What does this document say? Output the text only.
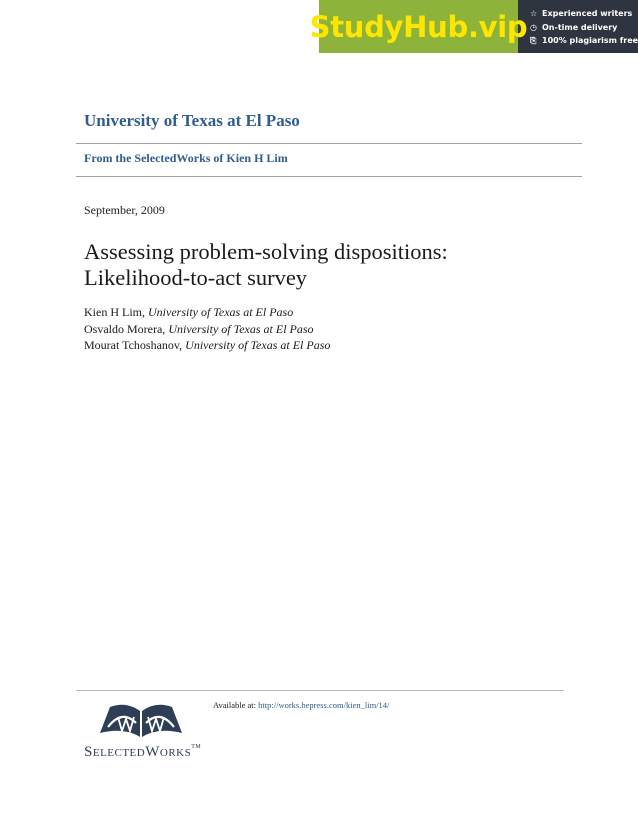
StudyHub.vip ☆ Experienced writers
◷ On-time delivery
⎘ 100% plagiarism free
University of Texas at El Paso
From the SelectedWorks of Kien H Lim
September, 2009
Assessing problem-solving dispositions:
Likelihood-to-act survey
Kien H Lim, University of Texas at El Paso
Osvaldo Morera, University of Texas at El Paso
Mourat Tchoshanov, University of Texas at El Paso
SELECTEDWORKS™
Available at: http://works.bepress.com/kien_lim/14/
